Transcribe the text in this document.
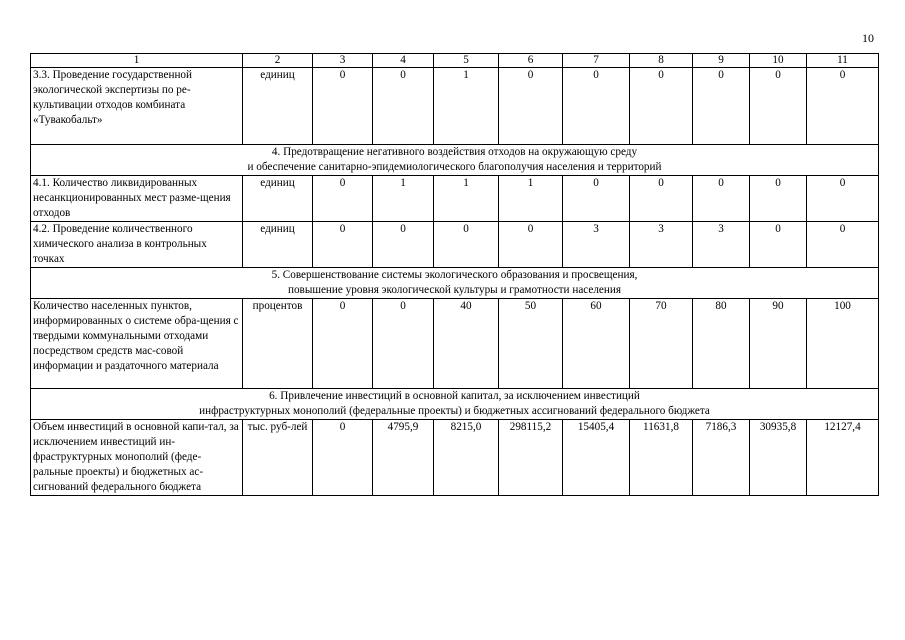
10
1	2	3	4	5	6	7	8	9	10	11
3.3. Проведение государственной экологической экспертизы по ре-культивации отходов комбината «Тувакобальт»	единиц	0	0	1	0	0	0	0	0	0

4. Предотвращение негативного воздействия отходов на окружающую среду
и обеспечение санитарно-эпидемиологического благополучия населения и территорий										

4.1. Количество ликвидированных несанкционированных мест разме-щения отходов	единиц	0	1	1	1	0	0	0	0	0
4.2. Проведение количественного химического анализа в контрольных точках	единиц	0	0	0	0	3	3	3	0	0

5. Совершенствование системы экологического образования и просвещения,
повышение уровня экологической культуры и грамотности населения										

Количество населенных пунктов, информированных о системе обра-щения с твердыми коммунальными отходами посредством средств мас-совой информации и раздаточного материала	процентов	0	0	40	50	60	70	80	90	100

6. Привлечение инвестиций в основной капитал, за исключением инвестиций
инфраструктурных монополий (федеральные проекты) и бюджетных ассигнований федерального бюджета										

Объем инвестиций в основной капи-тал, за исключением инвестиций ин-фраструктурных монополий (феде-ральные проекты) и бюджетных ас-сигнований федерального бюджета	тыс. руб-лей	0	4795,9	8215,0	298115,2	15405,4	11631,8	7186,3	30935,8	12127,4
